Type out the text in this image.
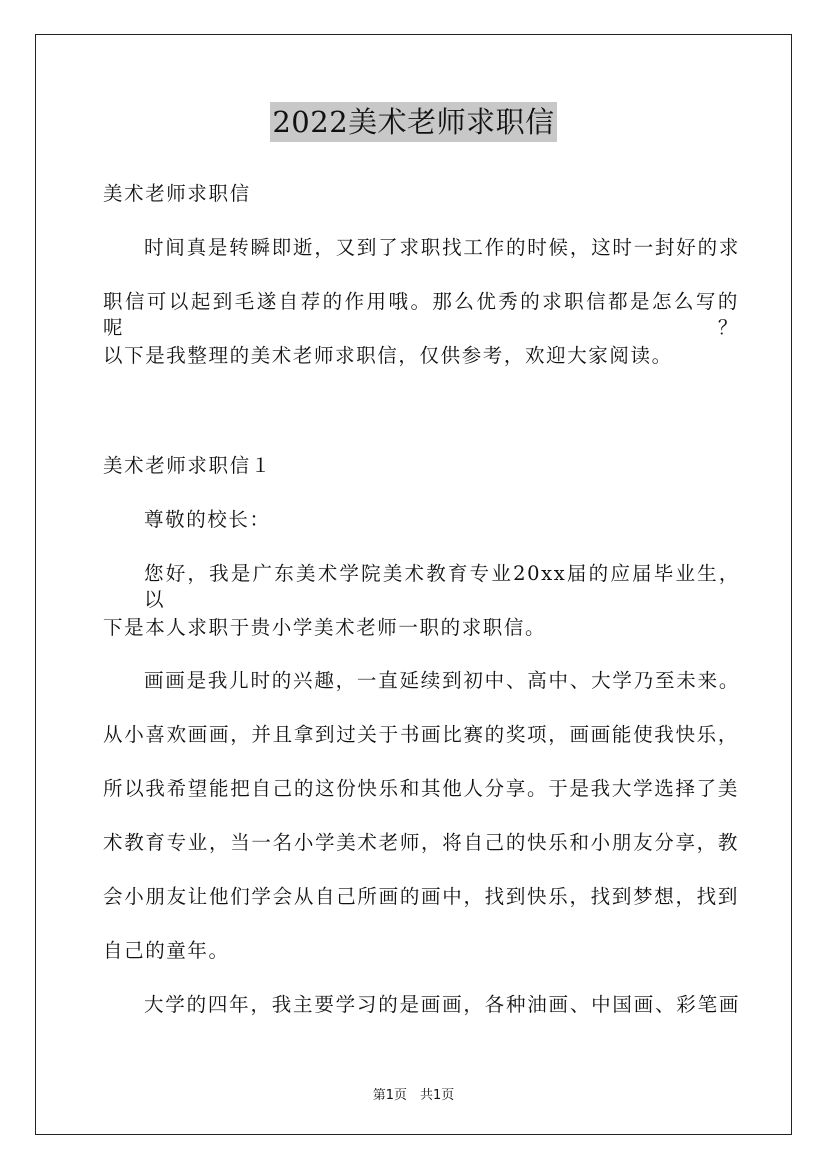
2022美术老师求职信
美术老师求职信
时间真是转瞬即逝，又到了求职找工作的时候，这时一封好的求
职信可以起到毛遂自荐的作用哦。那么优秀的求职信都是怎么写的呢？
以下是我整理的美术老师求职信，仅供参考，欢迎大家阅读。
美术老师求职信１
尊敬的校长：
您好，我是广东美术学院美术教育专业20xx届的应届毕业生，以
下是本人求职于贵小学美术老师一职的求职信。
画画是我儿时的兴趣，一直延续到初中、高中、大学乃至未来。
从小喜欢画画，并且拿到过关于书画比赛的奖项，画画能使我快乐，
所以我希望能把自己的这份快乐和其他人分享。于是我大学选择了美
术教育专业，当一名小学美术老师，将自己的快乐和小朋友分享，教
会小朋友让他们学会从自己所画的画中，找到快乐，找到梦想，找到
自己的童年。
大学的四年，我主要学习的是画画，各种油画、中国画、彩笔画
第1页　共1页
